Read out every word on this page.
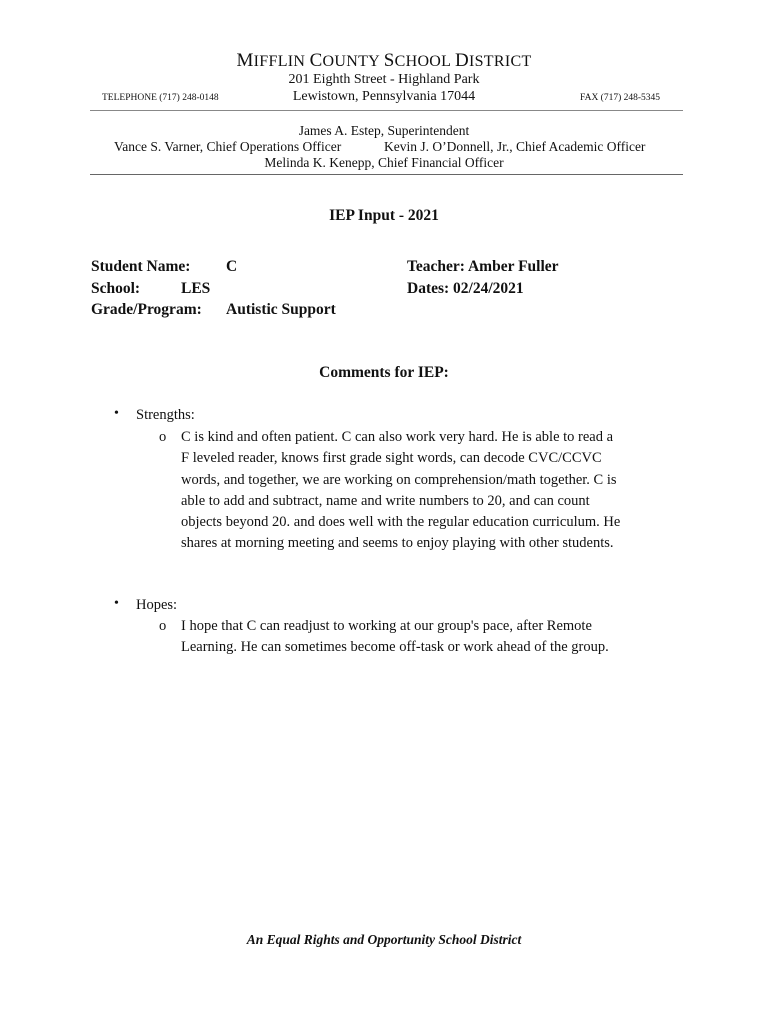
MIFFLIN COUNTY SCHOOL DISTRICT
201 Eighth Street - Highland Park
TELEPHONE (717) 248-0148	Lewistown, Pennsylvania 17044	FAX (717) 248-5345
James A. Estep, Superintendent
Vance S. Varner, Chief Operations Officer	Kevin J. O’Donnell, Jr., Chief Academic Officer
Melinda K. Kenepp, Chief Financial Officer
IEP Input - 2021
Student Name: C
School:	LES
Grade/Program: Autistic Support
Teacher: Amber Fuller
Dates: 02/24/2021
Comments for IEP:
• Strengths:
o C is kind and often patient. C can also work very hard. He is able to read a
F leveled reader, knows first grade sight words, can decode CVC/CCVC
words, and together, we are working on comprehension/math together. C is
able to add and subtract, name and write numbers to 20, and can count
objects beyond 20. and does well with the regular education curriculum. He
shares at morning meeting and seems to enjoy playing with other students.
• Hopes:
o I hope that C can readjust to working at our group's pace, after Remote
Learning. He can sometimes become off-task or work ahead of the group.
An Equal Rights and Opportunity School District
